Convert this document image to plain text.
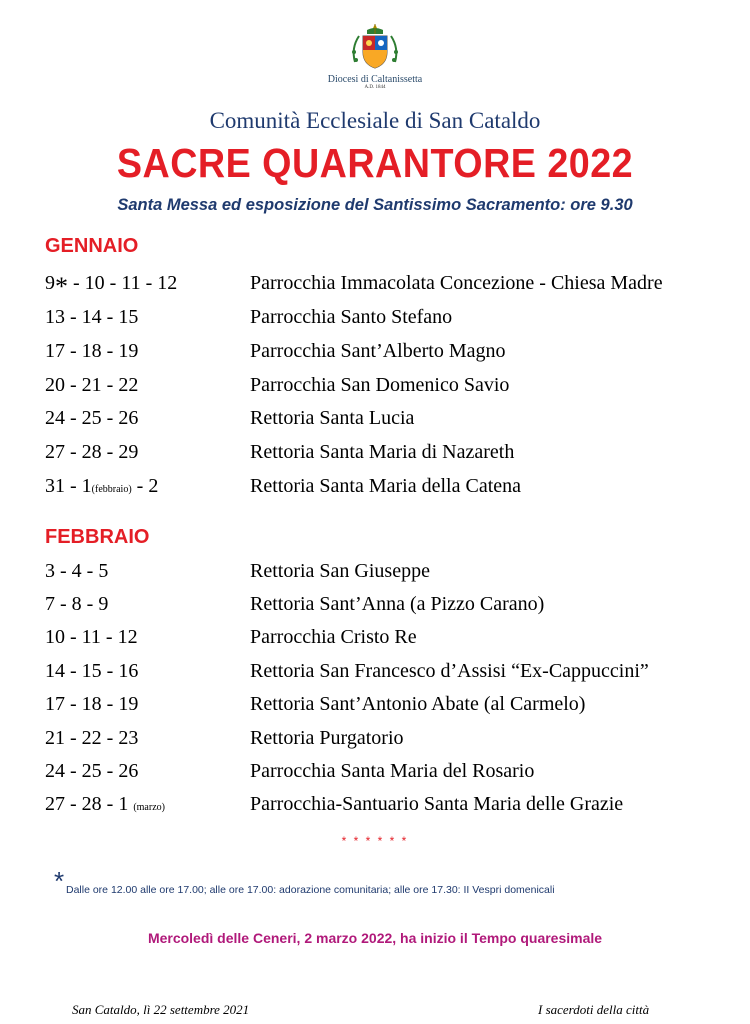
Diocesi di Caltanissetta
A.D. 1844
Comunità Ecclesiale di San Cataldo
SACRE QUARANTORE 2022
Santa Messa ed esposizione del Santissimo Sacramento: ore 9.30
GENNAIO
9* - 10 - 11 - 12	Parrocchia Immacolata Concezione - Chiesa Madre
13 - 14 - 15	Parrocchia Santo Stefano
17 - 18 - 19	Parrocchia Sant’Alberto Magno
20 - 21 - 22	Parrocchia San Domenico Savio
24 - 25 - 26	Rettoria Santa Lucia
27 - 28 - 29	Rettoria Santa Maria di Nazareth
31 - 1(febbraio) - 2	Rettoria Santa Maria della Catena
FEBBRAIO
3 - 4 - 5	Rettoria San Giuseppe
7 - 8 - 9	Rettoria Sant’Anna (a Pizzo Carano)
10 - 11 - 12	Parrocchia Cristo Re
14 - 15 - 16	Rettoria San Francesco d’Assisi “Ex-Cappuccini”
17 - 18 - 19	Rettoria Sant’Antonio Abate (al Carmelo)
21 - 22 - 23	Rettoria Purgatorio
24 - 25 - 26	Parrocchia Santa Maria del Rosario
27 - 28 - 1 (marzo)	Parrocchia-Santuario Santa Maria delle Grazie
* * * * * *
* Dalle ore 12.00 alle ore 17.00; alle ore 17.00: adorazione comunitaria; alle ore 17.30: II Vespri domenicali
Mercoledì delle Ceneri, 2 marzo 2022, ha inizio il Tempo quaresimale
San Cataldo, lì 22 settembre 2021	I sacerdoti della città
